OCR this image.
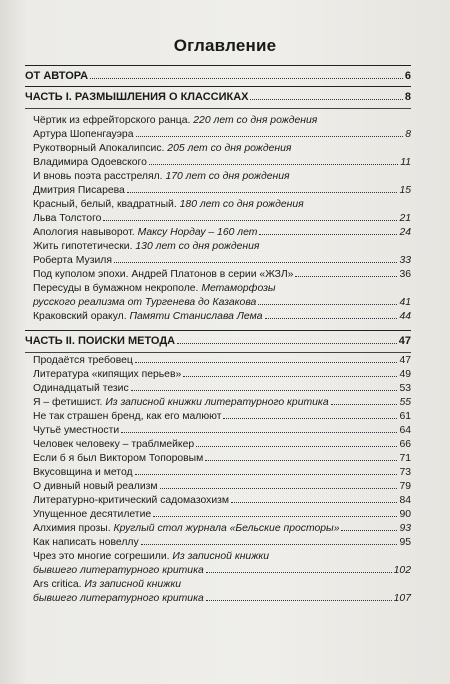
Оглавление
ОТ АВТОРА	6
ЧАСТЬ I. РАЗМЫШЛЕНИЯ О КЛАССИКАХ	8
Чёртик из ефрейторского ранца. 220 лет со дня рождения
Артура Шопенгауэра	8
Рукотворный Апокалипсис. 205 лет со дня рождения
Владимира Одоевского	11
И вновь поэта расстрелял. 170 лет со дня рождения
Дмитрия Писарева	15
Красный, белый, квадратный. 180 лет со дня рождения
Льва Толстого	21
Апология навыворот. Максу Нордау – 160 лет	24
Жить гипотетически. 130 лет со дня рождения
Роберта Музиля	33
Под куполом эпохи. Андрей Платонов в серии «ЖЗЛ»	36
Пересуды в бумажном некрополе. Метаморфозы
русского реализма от Тургенева до Казакова	41
Краковский оракул. Памяти Станислава Лема	44
ЧАСТЬ II. ПОИСКИ МЕТОДА	47
Продаётся требовец	47
Литература «кипящих перьев»	49
Одинадцатый тезис	53
Я – фетишист. Из записной книжки литературного критика	55
Не так страшен бренд, как его малюют	61
Чутьё уместности	64
Человек человеку – траблмейкер	66
Если б я был Виктором Топоровым	71
Вкусовщина и метод	73
О дивный новый реализм	79
Литературно-критический садомазохизм	84
Упущенное десятилетие	90
Алхимия прозы. Круглый стол журнала «Бельские просторы»	93
Как написать новеллу	95
Чрез это многие согрешили. Из записной книжки
бывшего литературного критика	102
Ars critica. Из записной книжки
бывшего литературного критика	107
